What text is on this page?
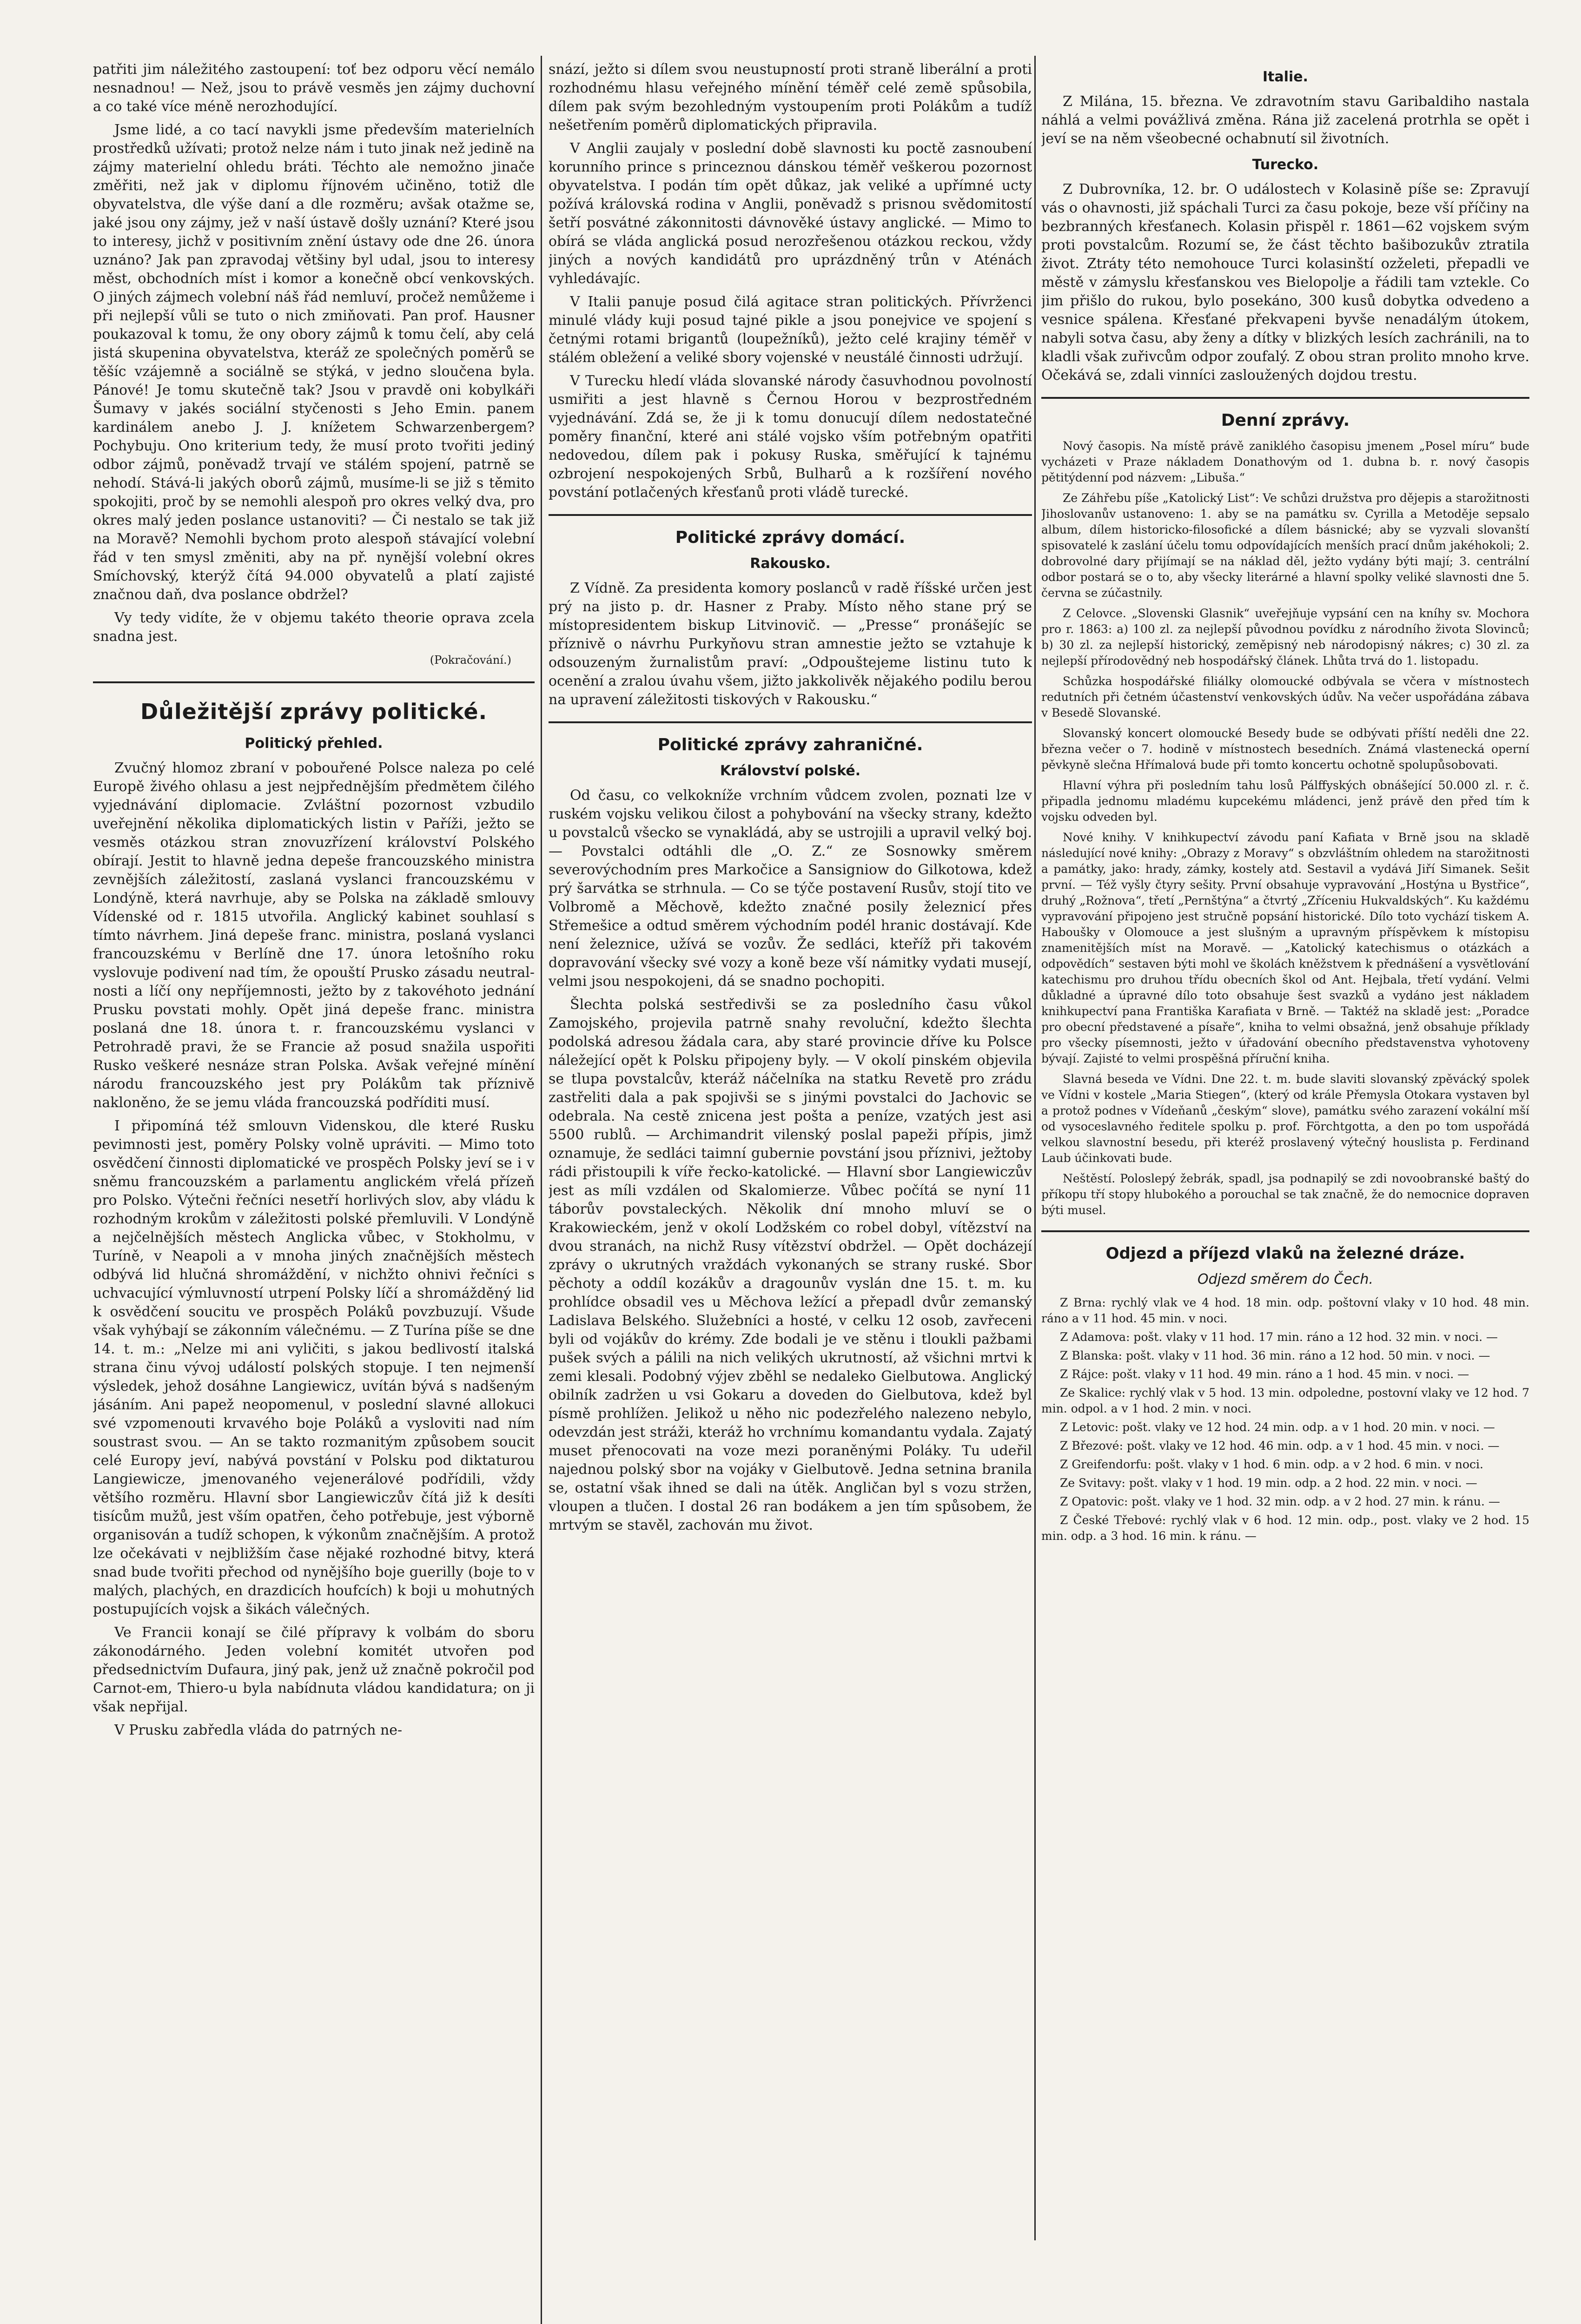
patřiti jim náležitého zastoupení: toť bez odporu věcí nemálo nesnadnou! — Než, jsou to právě vesměs jen zájmy duchovní a co také více méně nerozhodující.

Jsme lidé, a co tací navykli jsme především materielních prostředků užívati; protož nelze nám i tuto jinak než jedině na zájmy materielní ohledu bráti. Téchto ale nemožno jinače změřiti, než jak v diplomu říjnovém učiněno, totiž dle obyvatelstva, dle výše daní a dle rozměru; avšak otažme se, jaké jsou ony zájmy, jež v naší ústavě došly uznání? Které jsou to interesy, jichž v positivním znění ústavy ode dne 26. února uznáno? Jak pan zpravodaj většiny byl udal, jsou to interesy měst, obchodních míst i komor a konečně obcí venkovských. O jiných zájmech volební náš řád nemluví, pročež nemůžeme i při nejlepší vůli se tuto o nich zmiňovati. Pan prof. Hausner poukazoval k tomu, že ony obory zájmů k tomu čelí, aby celá jistá skupenina obyvatelstva, kteráž ze společných poměrů se těšíc vzájemně a sociálně se stýká, v jedno sloučena byla. Pánové! Je tomu skutečně tak? Jsou v pravdě oni kobylkáři Šumavy v jakés sociální styčenosti s Jeho Emin. panem kardinálem anebo J. J. knížetem Schwarzenbergem? Pochybuju. Ono kriterium tedy, že musí proto tvořiti jediný odbor zájmů, poněvadž trvají ve stálém spojení, patrně se nehodí. Stává-li jakých oborů zájmů, musíme-li se již s těmito spokojiti, proč by se nemohli alespoň pro okres velký dva, pro okres malý jeden poslance ustanoviti? — Či nestalo se tak již na Moravě? Nemohli bychom proto alespoň stávající volební řád v ten smysl změniti, aby na př. nynější volební okres Smíchovský, kterýž čítá 94.000 obyvatelů a platí zajisté značnou daň, dva poslance obdržel?

Vy tedy vidíte, že v objemu takéto theorie oprava zcela snadna jest.

(Pokračování.)

Důležitější zprávy politické.
Politický přehled.

Zvučný hlomoz zbraní v pobouřené Polsce naleza po celé Europě živého ohlasu a jest nejpřednějším předmětem čilého vyjednávání diplomacie. Zvláštní pozornost vzbudilo uveřejnění několika diplomatických listin v Paříži, ježto se vesměs otázkou stran znovuzřízení království Polského obírají. Jestit to hlavně jedna depeše francouzského ministra zevnějších záležitostí, zaslaná vyslanci francouzskému v Londýně, která navrhuje, aby se Polska na základě smlouvy Vídenské od r. 1815 utvořila. Anglický kabinet souhlasí s tímto návrhem. Jiná depeše franc. ministra, poslaná vyslanci francouzskému v Berlíně dne 17. února letošního roku vyslovuje podivení nad tím, že opouští Prusko zásadu neutralnosti a líčí ony nepříjemnosti, ježto by z takovéhoto jednání Prusku povstati mohly. Opět jiná depeše franc. ministra poslaná dne 18. února t. r. francouzskému vyslanci v Petrohradě pravi, že se Francie až posud snažila uspořiti Rusko veškeré nesnáze stran Polska. Avšak veřejné mínění národu francouzského jest pry Polákům tak příznivě nakloněno, že se jemu vláda francouzská podříditi musí.

I připomíná též smlouvn Videnskou, dle které Rusku pevimnosti jest, poměry Polsky volně upráviti. — Mimo toto osvědčení činnosti diplomatické ve prospěch Polsky jeví se i v sněmu francouzském a parlamentu anglickém vřelá přízeň pro Polsko. Výtečni řečníci nesetří horlivých slov, aby vládu k rozhodným krokům v záležitosti polské přemluvili. V Londýně a nejčelnějších městech Anglicka vůbec, v Stokholmu, v Turíně, v Neapoli a v mnoha jiných značnějších městech odbývá lid hlučná shromáždění, v nichžto ohnivi řečníci s uchvacující výmluvností utrpení Polsky líčí a shromážděný lid k osvědčení soucitu ve prospěch Poláků povzbuzují. Všude však vyhýbají se zákonním válečnému. — Z Turína píše se dne 14. t. m.: „Nelze mi ani vyličiti, s jakou bedlivostí italská strana činu vývoj událostí polských stopuje. I ten nejmenší výsledek, jehož dosáhne Langiewicz, uvítán bývá s nadšeným jásáním. Ani papež neopomenul, v poslední slavné allokuci své vzpomenouti krvavého boje Poláků a vysloviti nad ním soustrast svou. — An se takto rozmanitým způsobem soucit celé Europy jeví, nabývá povstání v Polsku pod diktaturou Langiewicze, jmenovaného vejenerálové podřídili, vždy většího rozměru. Hlavní sbor Langiewiczův čítá již k desíti tisícům mužů, jest vším opatřen, čeho potřebuje, jest výborně organisován a tudíž schopen, k výkonům značnějším. A protož lze očekávati v nejbližším čase nějaké rozhodné bitvy, která snad bude tvořiti přechod od nynějšího boje guerilly (boje to v malých, plachých, en drazdicích houfcích) k boji u mohutných postupujících vojsk a šikách válečných.

Ve Francii konají se čilé přípravy k volbám do sboru zákonodárného. Jeden volební komitét utvořen pod předsednictvím Dufaura, jiný pak, jenž už značně pokročil pod Carnot-em, Thiero-u byla nabídnuta vládou kandidatura; on ji však nepřijal.

V Prusku zabředla vláda do patrných ne-

snází, ježto si dílem svou neustupností proti straně liberální a proti rozhodnému hlasu veřejného mínění téměř celé země spůsobila, dílem pak svým bezohledným vystoupením proti Polákům a tudíž nešetřením poměrů diplomatických připravila.

V Anglii zaujaly v poslední době slavnosti ku poctě zasnoubení korunního prince s princeznou dánskou téměř veškerou pozornost obyvatelstva. I podán tím opět důkaz, jak veliké a upřímné ucty požívá královská rodina v Anglii, poněvadž s prisnou svědomitostí šetří posvátné zákonnitosti dávnověké ústavy anglické. — Mimo to obírá se vláda anglická posud nerozřešenou otázkou reckou, vždy jiných a nových kandidátů pro uprázdněný trůn v Aténách vyhledávajíc.

V Italii panuje posud čilá agitace stran politických. Přívrženci minulé vlády kuji posud tajné pikle a jsou ponejvice ve spojení s četnými rotami brigantů (loupežníků), ježto celé krajiny téměř v stálém obležení a veliké sbory vojenské v neustálé činnosti udržují.

V Turecku hledí vláda slovanské národy časuvhodnou povolností usmiřiti a jest hlavně s Černou Horou v bezprostředném vyjednávání. Zdá se, že ji k tomu donucují dílem nedostatečné poměry finanční, které ani stálé vojsko vším potřebným opatřiti nedovedou, dílem pak i pokusy Ruska, směřující k tajnému ozbrojení nespokojených Srbů, Bulharů a k rozšíření nového povstání potlačených křesťanů proti vládě turecké.

Politické zprávy domácí.
Rakousko.

Z Vídně. Za presidenta komory poslanců v radě říšské určen jest prý na jisto p. dr. Hasner z Praby. Místo něho stane prý se místopresidentem biskup Litvinovič. — „Presse“ pronášejíc se příznivě o návrhu Purkyňovu stran amnestie ježto se vztahuje k odsouzeným žurnalistům praví: „Odpouštejeme listinu tuto k ocenění a zralou úvahu všem, jižto jakkolivěk nějakého podilu berou na upravení záležitosti tiskových v Rakousku.“

Politické zprávy zahraničné.
Království polské.

Od času, co velkokníže vrchním vůdcem zvolen, poznati lze v ruském vojsku velikou čilost a pohybování na všecky strany, kdežto u povstalců všecko se vynakládá, aby se ustrojili a upravil velký boj. — Povstalci odtáhli dle „O. Z.“ ze Sosnowky směrem severovýchodním pres Markočice a Sansigniow do Gilkotowa, kdež prý šarvátka se strhnula. — Co se týče postavení Rusův, stojí tito ve Volbromě a Měchově, kdežto značné posily železnicí přes Střemešice a odtud směrem východním podél hranic dostávají. Kde není železnice, užívá se vozův. Že sedláci, kteříž při takovém dopravování všecky své vozy a koně beze vší námitky vydati musejí, velmi jsou nespokojeni, dá se snadno pochopiti.

Šlechta polská sestředivši se za posledního času vůkol Zamojského, projevila patrně snahy revoluční, kdežto šlechta podolská adresou žádala cara, aby staré provincie dříve ku Polsce náležející opět k Polsku připojeny byly. — V okolí pinském objevila se tlupa povstalcův, kteráž náčelníka na statku Revetě pro zrádu zastřeliti dala a pak spojivši se s jinými povstalci do Jachovic se odebrala. Na cestě znicena jest pošta a peníze, vzatých jest asi 5500 rublů. — Archimandrit vilenský poslal papeži přípis, jimž oznamuje, že sedláci taimní gubernie povstání jsou příznivi, ježtoby rádi přistoupili k víře řecko-katolické. — Hlavní sbor Langiewiczův jest as míli vzdálen od Skalomierze. Vůbec počítá se nyní 11 táborův povstaleckých. Několik dní mnoho mluví se o Krakowieckém, jenž v okolí Lodžském co robel dobyl, vítězství na dvou stranách, na nichž Rusy vítězství obdržel. — Opět docházejí zprávy o ukrutných vraždách vykonaných se strany ruské. Sbor pěchoty a oddíl kozákův a dragounův vyslán dne 15. t. m. ku prohlídce obsadil ves u Měchova ležící a přepadl dvůr zemanský Ladislava Belského. Služebníci a hosté, v celku 12 osob, zavřeceni byli od vojákův do krémy. Zde bodali je ve stěnu i tloukli pažbami pušek svých a pálili na nich velikých ukrutností, až všichni mrtvi k zemi klesali. Podobný výjev zběhl se nedaleko Gielbutowa. Anglický obilník zadržen u vsi Gokaru a doveden do Gielbutova, kdež byl písmě prohlížen. Jelikož u něho nic podezřelého nalezeno nebylo, odevzdán jest stráži, kteráž ho vrchnímu komandantu vydala. Zajatý muset přenocovati na voze mezi poraněnými Poláky. Tu udeřil najednou polský sbor na vojáky v Gielbutově. Jedna setnina branila se, ostatní však ihned se dali na útěk. Angličan byl s vozu stržen, vloupen a tlučen. I dostal 26 ran bodákem a jen tím spůsobem, že mrtvým se stavěl, zachován mu život.

Italie.

Z Milána, 15. března. Ve zdravotním stavu Garibaldiho nastala náhlá a velmi povážlivá změna. Rána již zacelená protrhla se opět i jeví se na něm všeobecné ochabnutí sil životních.

Turecko.

Z Dubrovníka, 12. br. O událostech v Kolasině píše se: Zpravují vás o ohavnosti, již spáchali Turci za času pokoje, beze vší příčiny na bezbranných křesťanech. Kolasin přispěl r. 1861—62 vojskem svým proti povstalcům. Rozumí se, že část těchto bašibozukův ztratila život. Ztráty této nemohouce Turci kolasinští ozželeti, přepadli ve městě v zámyslu křesťanskou ves Bielopolje a řádili tam vztekle. Co jim přišlo do rukou, bylo posekáno, 300 kusů dobytka odvedeno a vesnice spálena. Křesťané překvapeni byvše nenadálým útokem, nabyli sotva času, aby ženy a dítky v blizkých lesích zachránili, na to kladli však zuřivcům odpor zoufalý. Z obou stran prolito mnoho krve. Očekává se, zdali vinníci zasloužených dojdou trestu.

Denní zprávy.

Nový časopis. Na místě právě zaniklého časopisu jmenem „Posel míru“ bude vycházeti v Praze nákladem Donathovým od 1. dubna b. r. nový časopis pětitýdenní pod názvem: „Libuša.“

Ze Záhřebu píše „Katolický List“: Ve schůzi družstva pro dějepis a starožitnosti Jihoslovanův ustanoveno: 1. aby se na památku sv. Cyrilla a Metoděje sepsalo album, dílem historicko-filosofické a dílem básnické; aby se vyzvali slovanští spisovatelé k zaslání účelu tomu odpovídajících menších prací dnům jakéhokoli; 2. dobrovolné dary přijímají se na náklad děl, ježto vydány býti mají; 3. centrální odbor postará se o to, aby všecky literárné a hlavní spolky veliké slavnosti dne 5. června se zúčastnily.

Z Celovce. „Slovenski Glasnik“ uveřejňuje vypsání cen na kníhy sv. Mochora pro r. 1863: a) 100 zl. za nejlepší původnou povídku z národního života Slovinců; b) 30 zl. za nejlepší historický, zeměpisný neb národopisný nákres; c) 30 zl. za nejlepší přírodovědný neb hospodářský článek. Lhůta trvá do 1. listopadu.

Schůzka hospodářské filiálky olomoucké odbývala se včera v místnostech redutních při četném účastenství venkovských údův. Na večer uspořádána zábava v Besedě Slovanské.

Slovanský koncert olomoucké Besedy bude se odbývati příští neděli dne 22. března večer o 7. hodině v místnostech besedních. Známá vlastenecká operní pěvkyně slečna Hřímalová bude při tomto koncertu ochotně spolupůsobovati.

Hlavní výhra při posledním tahu losů Pálffyských obnášející 50.000 zl. r. č. připadla jednomu mladému kupcekému mládenci, jenž právě den před tím k vojsku odveden byl.

Nové knihy. V knihkupectví závodu paní Kafiata v Brně jsou na skladě následující nové knihy: „Obrazy z Moravy“ s obzvláštním ohledem na starožitnosti a památky, jako: hrady, zámky, kostely atd. Sestavil a vydává Jiří Simanek. Sešit první. — Též vyšly čtyry sešity. První obsahuje vypravování „Hostýna u Bystřice“, druhý „Rožnova“, třetí „Pernštýna“ a čtvrtý „Zříceniu Hukvaldských“. Ku každému vypravování připojeno jest stručně popsání historické. Dílo toto vychází tiskem A. Haboušky v Olomouce a jest slušným a upravným příspěvkem k místopisu znamenitějších míst na Moravě. — „Katolický katechismus o otázkách a odpovědích“ sestaven býti mohl ve školách kněžstvem k přednášení a vysvětlování katechismu pro druhou třídu obecních škol od Ant. Hejbala, třetí vydání. Velmi důkladné a úpravné dílo toto obsahuje šest svazků a vydáno jest nákladem knihkupectví pana Františka Karafiata v Brně. — Taktéž na skladě jest: „Poradce pro obecní představené a písaře“, kniha to velmi obsažná, jenž obsahuje příklady pro všecky písemnosti, ježto v úřadování obecního představenstva vyhotoveny bývají. Zajisté to velmi prospěšná příruční kniha.

Slavná beseda ve Vídni. Dne 22. t. m. bude slaviti slovanský zpěvácký spolek ve Vídni v kostele „Maria Stiegen“, (který od krále Přemysla Otokara vystaven byl a protož podnes v Vídeňanů „českým“ slove), památku svého zarazení vokální mší od vysoceslavného ředitele spolku p. prof. Förchtgotta, a den po tom uspořádá velkou slavnostní besedu, při kteréž proslavený výtečný houslista p. Ferdinand Laub účinkovati bude.

Neštěstí. Poloslepý žebrák, spadl, jsa podnapilý se zdi novoobranské baštý do příkopu tří stopy hlubokého a porouchal se tak značně, že do nemocnice dopraven býti musel.

Odjezd a příjezd vlaků na železné dráze.
Odjezd směrem do Čech.

Z Brna: rychlý vlak ve 4 hod. 18 min. odp. poštovní vlaky v 10 hod. 48 min. ráno a v 11 hod. 45 min. v noci.

Z Adamova: pošt. vlaky v 11 hod. 17 min. ráno a 12 hod. 32 min. v noci. —

Z Blanska: pošt. vlaky v 11 hod. 36 min. ráno a 12 hod. 50 min. v noci. —

Z Rájce: pošt. vlaky v 11 hod. 49 min. ráno a 1 hod. 45 min. v noci. —

Ze Skalice: rychlý vlak v 5 hod. 13 min. odpoledne, postovní vlaky ve 12 hod. 7 min. odpol. a v 1 hod. 2 min. v noci.

Z Letovic: pošt. vlaky ve 12 hod. 24 min. odp. a v 1 hod. 20 min. v noci. —

Z Březové: pošt. vlaky ve 12 hod. 46 min. odp. a v 1 hod. 45 min. v noci. —

Z Greifendorfu: pošt. vlaky v 1 hod. 6 min. odp. a v 2 hod. 6 min. v noci.

Ze Svitavy: pošt. vlaky v 1 hod. 19 min. odp. a 2 hod. 22 min. v noci. —

Z Opatovic: pošt. vlaky ve 1 hod. 32 min. odp. a v 2 hod. 27 min. k ránu. —

Z České Třebové: rychlý vlak v 6 hod. 12 min. odp., post. vlaky ve 2 hod. 15 min. odp. a 3 hod. 16 min. k ránu. —
